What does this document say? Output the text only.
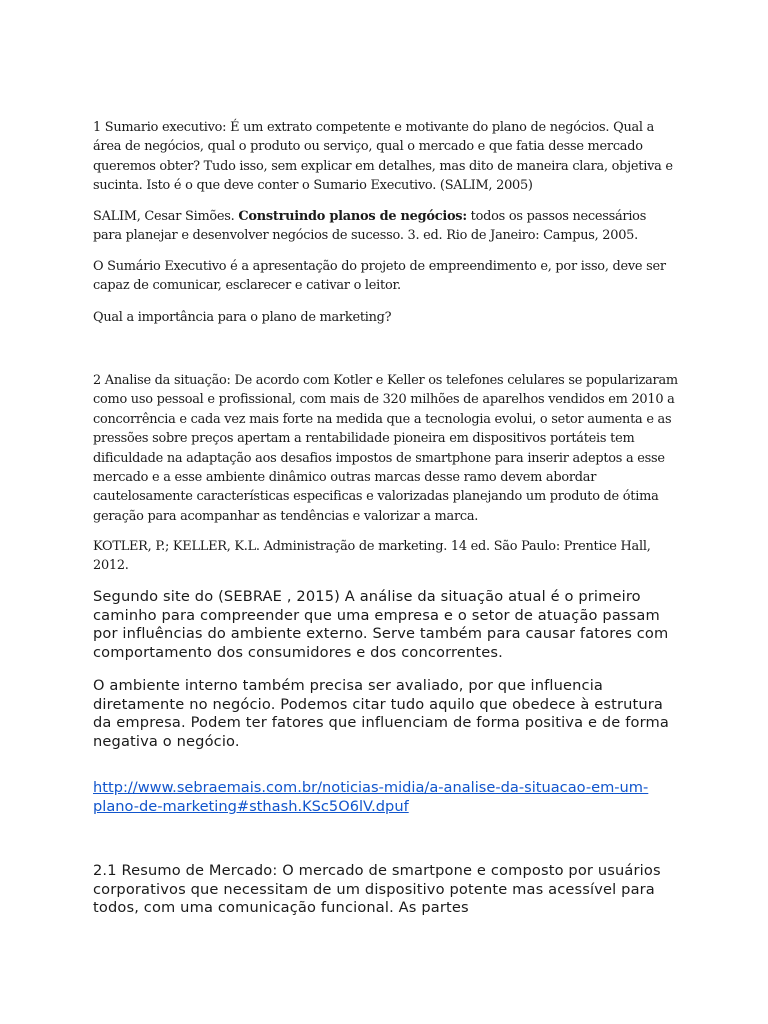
1 Sumario executivo: É um extrato competente e motivante do plano de negócios. Qual a área de negócios, qual o produto ou serviço, qual o mercado e que fatia desse mercado queremos obter? Tudo isso, sem explicar em detalhes, mas dito de maneira clara, objetiva e sucinta. Isto é o que deve conter o Sumario Executivo. (SALIM, 2005)

SALIM, Cesar Simões. Construindo planos de negócios: todos os passos necessários para planejar e desenvolver negócios de sucesso. 3. ed. Rio de Janeiro: Campus, 2005.

O Sumário Executivo é a apresentação do projeto de empreendimento e, por isso, deve ser capaz de comunicar, esclarecer e cativar o leitor.

Qual a importância para o plano de marketing?

2 Analise da situação: De acordo com Kotler e Keller os telefones celulares se popularizaram como uso pessoal e profissional, com mais de 320 milhões de aparelhos vendidos em 2010 a concorrência e cada vez mais forte na medida que a tecnologia evolui, o setor aumenta e as pressões sobre preços apertam a rentabilidade pioneira em dispositivos portáteis tem dificuldade na adaptação aos desafios impostos de smartphone para inserir adeptos a esse mercado e a esse ambiente dinâmico outras marcas desse ramo devem abordar cautelosamente características especificas e valorizadas planejando um produto de ótima geração para acompanhar as tendências e valorizar a marca.

KOTLER, P.; KELLER, K.L. Administração de marketing. 14 ed. São Paulo: Prentice Hall, 2012.

Segundo site do (SEBRAE , 2015) A análise da situação atual é o primeiro caminho para compreender que uma empresa e o setor de atuação passam por influências do ambiente externo. Serve também para causar fatores com comportamento dos consumidores e dos concorrentes.

O ambiente interno também precisa ser avaliado, por que influencia diretamente no negócio. Podemos citar tudo aquilo que obedece à estrutura da empresa. Podem ter fatores que influenciam de forma positiva e de forma negativa o negócio.

http://www.sebraemais.com.br/noticias-midia/a-analise-da-situacao-em-um-plano-de-marketing#sthash.KSc5O6lV.dpuf

2.1 Resumo de Mercado: O mercado de smartpone e composto por usuários corporativos que necessitam de um dispositivo potente mas acessível para todos, com uma comunicação funcional. As partes
